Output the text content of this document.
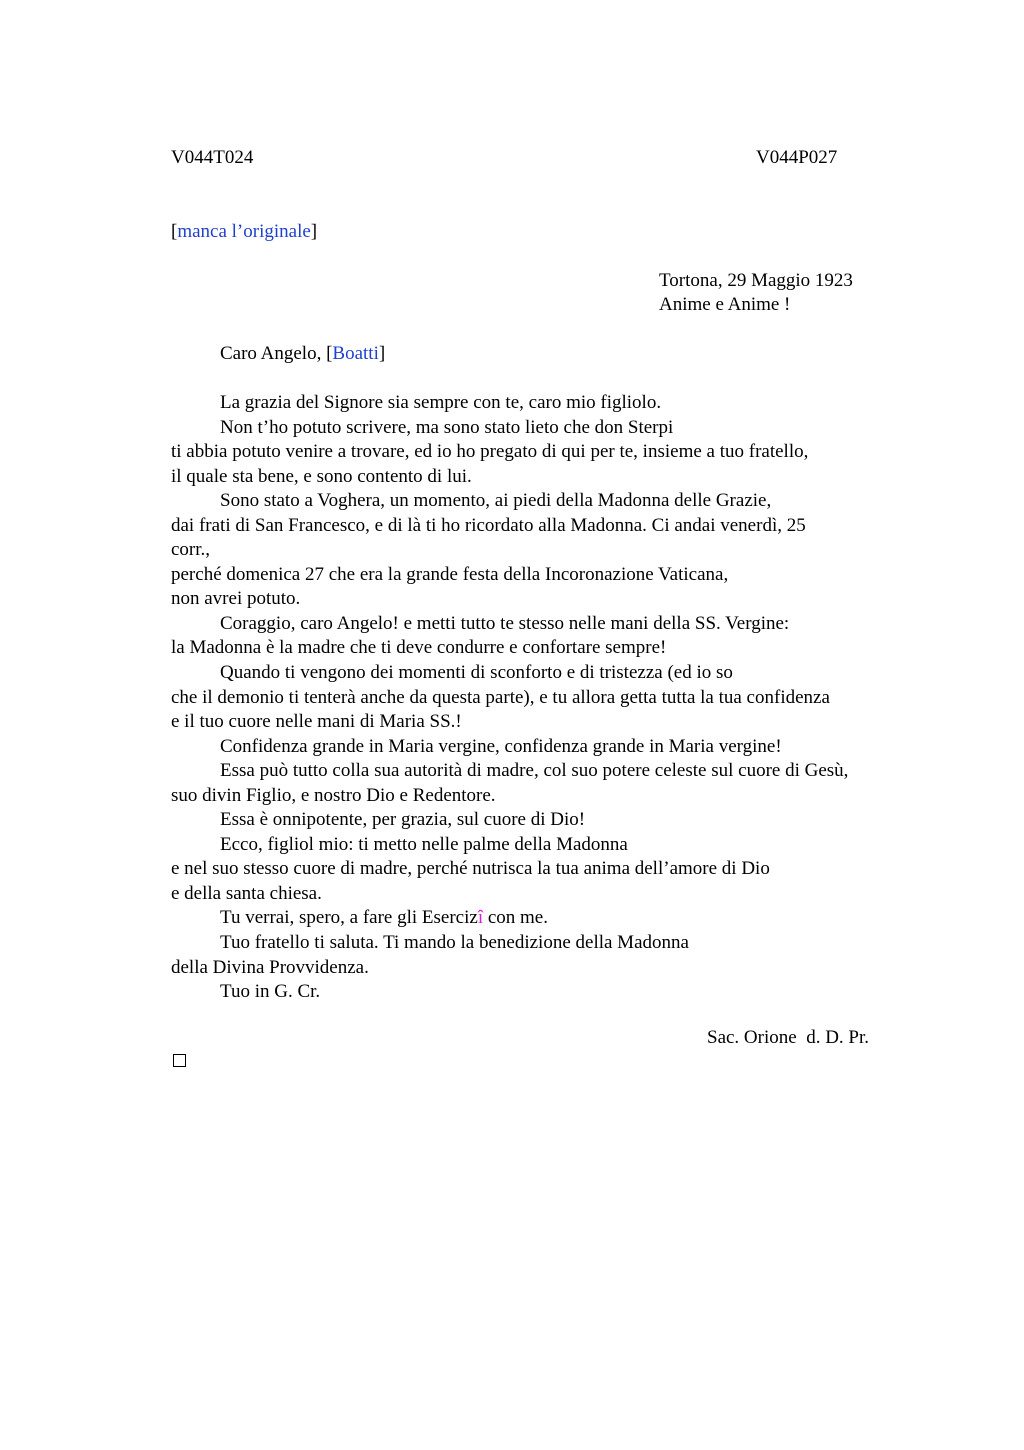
V044T024	V044P027
[manca l’originale]
Tortona, 29 Maggio 1923
Anime e Anime !
Caro Angelo, [Boatti]
La grazia del Signore sia sempre con te, caro mio figliolo.
Non t’ho potuto scrivere, ma sono stato lieto che don Sterpi
ti abbia potuto venire a trovare, ed io ho pregato di qui per te, insieme a tuo fratello,
il quale sta bene, e sono contento di lui.
Sono stato a Voghera, un momento, ai piedi della Madonna delle Grazie,
dai frati di San Francesco, e di là ti ho ricordato alla Madonna. Ci andai venerdì, 25
corr.,
perché domenica 27 che era la grande festa della Incoronazione Vaticana,
non avrei potuto.
Coraggio, caro Angelo! e metti tutto te stesso nelle mani della SS. Vergine:
la Madonna è la madre che ti deve condurre e confortare sempre!
Quando ti vengono dei momenti di sconforto e di tristezza (ed io so
che il demonio ti tenterà anche da questa parte), e tu allora getta tutta la tua confidenza
e il tuo cuore nelle mani di Maria SS.!
Confidenza grande in Maria vergine, confidenza grande in Maria vergine!
Essa può tutto colla sua autorità di madre, col suo potere celeste sul cuore di Gesù,
suo divin Figlio, e nostro Dio e Redentore.
Essa è onnipotente, per grazia, sul cuore di Dio!
Ecco, figliol mio: ti metto nelle palme della Madonna
e nel suo stesso cuore di madre, perché nutrisca la tua anima dell’amore di Dio
e della santa chiesa.
Tu verrai, spero, a fare gli Esercizî con me.
Tuo fratello ti saluta. Ti mando la benedizione della Madonna
della Divina Provvidenza.
Tuo in G. Cr.
Sac. Orione  d. D. Pr.
